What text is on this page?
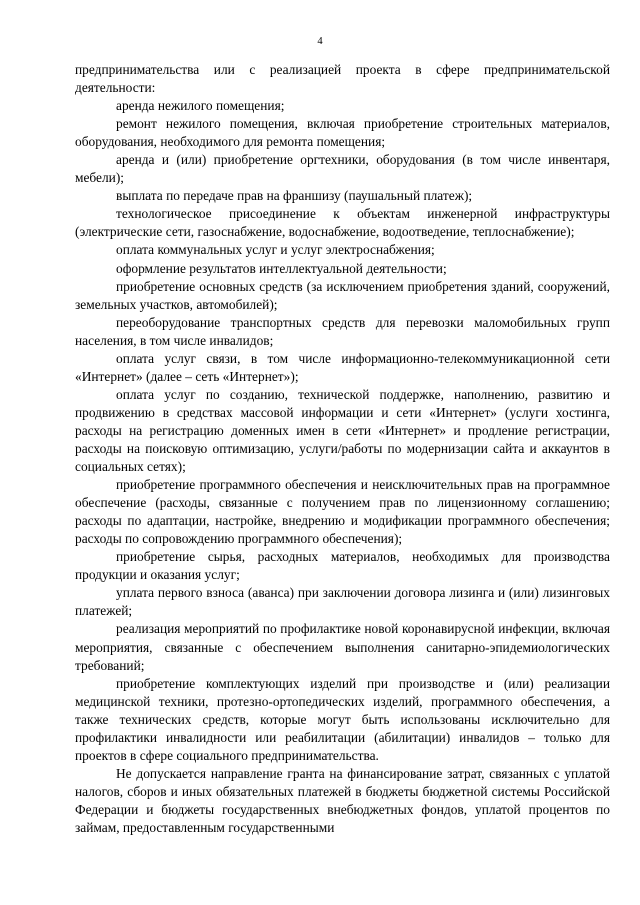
4

предпринимательства или с реализацией проекта в сфере предпринимательской деятельности:

аренда нежилого помещения;

ремонт нежилого помещения, включая приобретение строительных материалов, оборудования, необходимого для ремонта помещения;

аренда и (или) приобретение оргтехники, оборудования (в том числе инвентаря, мебели);

выплата по передаче прав на франшизу (паушальный платеж);

технологическое присоединение к объектам инженерной инфраструктуры (электрические сети, газоснабжение, водоснабжение, водоотведение, теплоснабжение);

оплата коммунальных услуг и услуг электроснабжения;

оформление результатов интеллектуальной деятельности;

приобретение основных средств (за исключением приобретения зданий, сооружений, земельных участков, автомобилей);

переоборудование транспортных средств для перевозки маломобильных групп населения, в том числе инвалидов;

оплата услуг связи, в том числе информационно-телекоммуникационной сети «Интернет» (далее – сеть «Интернет»);

оплата услуг по созданию, технической поддержке, наполнению, развитию и продвижению в средствах массовой информации и сети «Интернет» (услуги хостинга, расходы на регистрацию доменных имен в сети «Интернет» и продление регистрации, расходы на поисковую оптимизацию, услуги/работы по модернизации сайта и аккаунтов в социальных сетях);

приобретение программного обеспечения и неисключительных прав на программное обеспечение (расходы, связанные с получением прав по лицензионному соглашению; расходы по адаптации, настройке, внедрению и модификации программного обеспечения; расходы по сопровождению программного обеспечения);

приобретение сырья, расходных материалов, необходимых для производства продукции и оказания услуг;

уплата первого взноса (аванса) при заключении договора лизинга и (или) лизинговых платежей;

реализация мероприятий по профилактике новой коронавирусной инфекции, включая мероприятия, связанные с обеспечением выполнения санитарно-эпидемиологических требований;

приобретение комплектующих изделий при производстве и (или) реализации медицинской техники, протезно-ортопедических изделий, программного обеспечения, а также технических средств, которые могут быть использованы исключительно для профилактики инвалидности или реабилитации (абилитации) инвалидов – только для проектов в сфере социального предпринимательства.

Не допускается направление гранта на финансирование затрат, связанных с уплатой налогов, сборов и иных обязательных платежей в бюджеты бюджетной системы Российской Федерации и бюджеты государственных внебюджетных фондов, уплатой процентов по займам, предоставленным государственными
